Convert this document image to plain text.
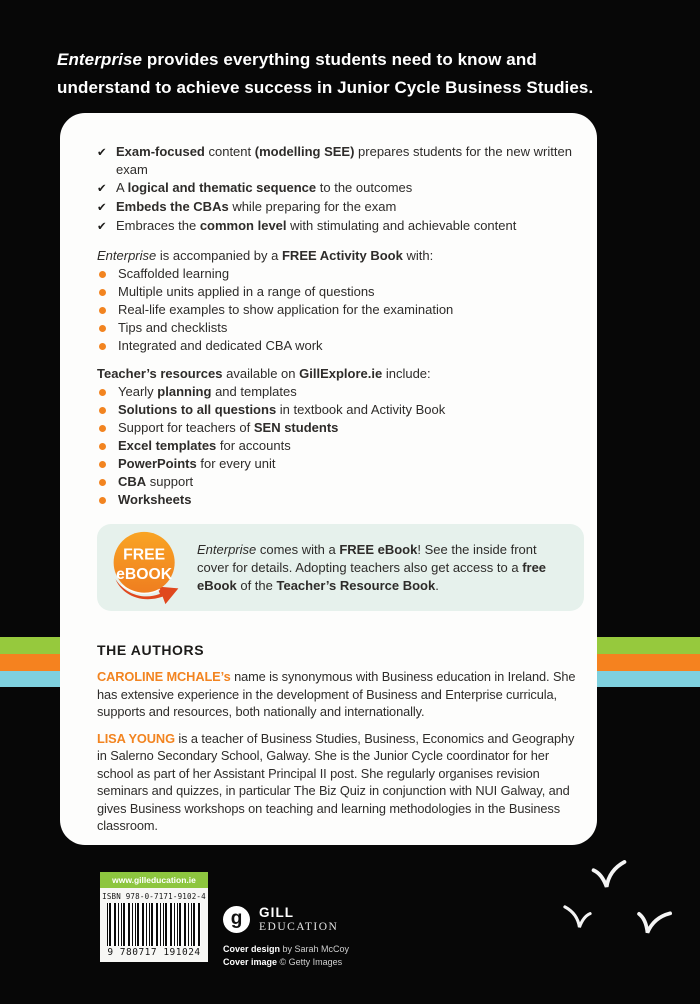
Enterprise provides everything students need to know and
understand to achieve success in Junior Cycle Business Studies.
✔ Exam-focused content (modelling SEE) prepares students for the new written exam
✔ A logical and thematic sequence to the outcomes
✔ Embeds the CBAs while preparing for the exam
✔ Embraces the common level with stimulating and achievable content
Enterprise is accompanied by a FREE Activity Book with:
Scaffolded learning
Multiple units applied in a range of questions
Real-life examples to show application for the examination
Tips and checklists
Integrated and dedicated CBA work
Teacher’s resources available on GillExplore.ie include:
Yearly planning and templates
Solutions to all questions in textbook and Activity Book
Support for teachers of SEN students
Excel templates for accounts
PowerPoints for every unit
CBA support
Worksheets
FREE
eBOOK
Enterprise comes with a FREE eBook! See the inside front cover for details. Adopting teachers also get access to a free eBook of the Teacher’s Resource Book.
THE AUTHORS

CAROLINE MCHALE’s name is synonymous with Business education in Ireland. She has extensive experience in the development of Business and Enterprise curricula, supports and resources, both nationally and internationally.

LISA YOUNG is a teacher of Business Studies, Business, Economics and Geography in Salerno Secondary School, Galway. She is the Junior Cycle coordinator for her school as part of her Assistant Principal II post. She regularly organises revision seminars and quizzes, in particular The Biz Quiz in conjunction with NUI Galway, and gives Business workshops on teaching and learning methodologies in the Business classroom.

www.gilleducation.ie
ISBN 978-0-7171-9102-4
9 780717 191024
g	GILL
EDUCATION
Cover design by Sarah McCoy
Cover image © Getty Images
